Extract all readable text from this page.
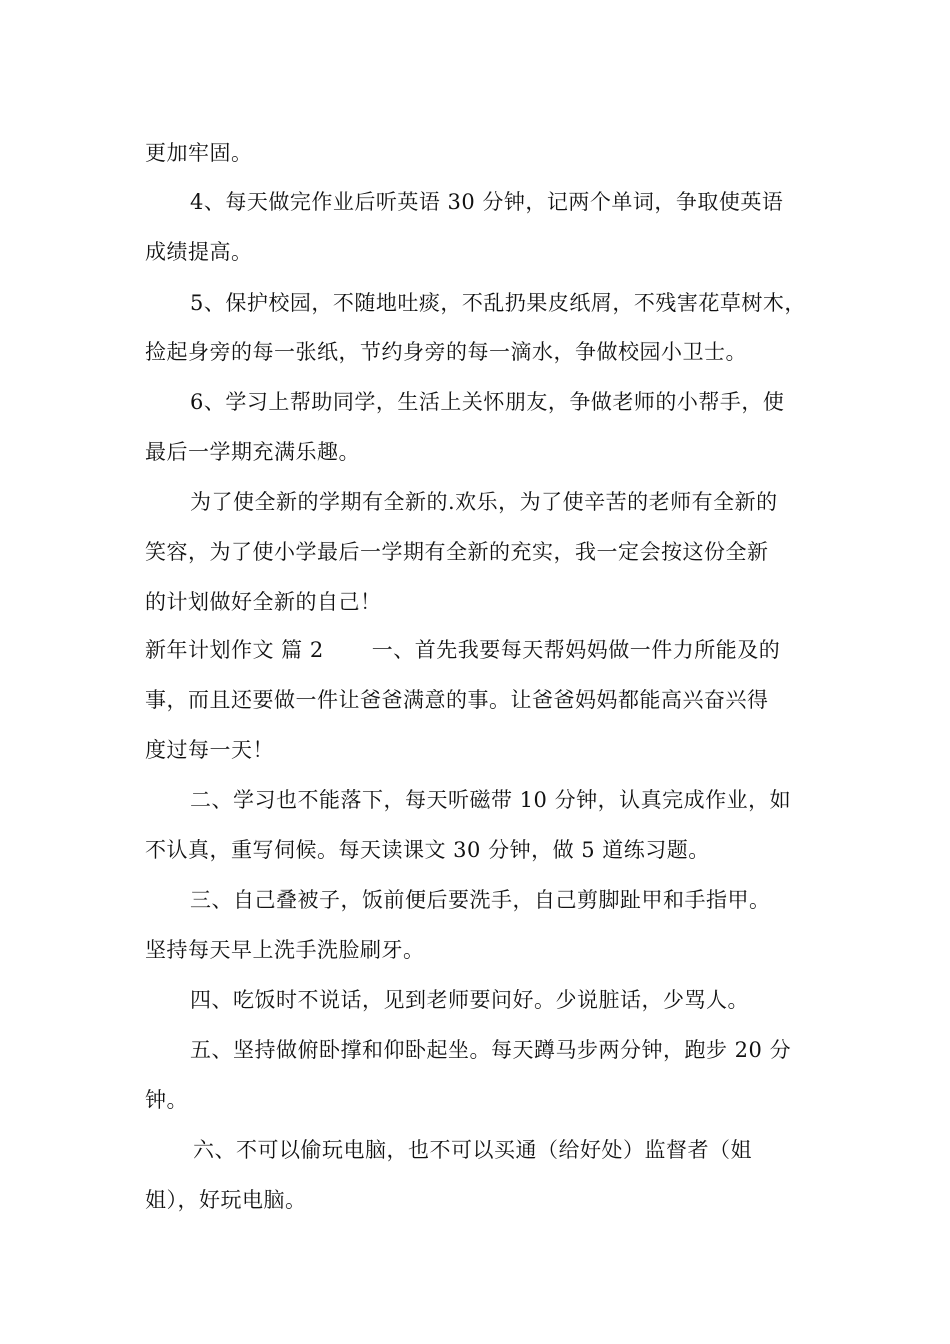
更加牢固。
4、每天做完作业后听英语 30 分钟，记两个单词，争取使英语
成绩提高。
5、保护校园，不随地吐痰，不乱扔果皮纸屑，不残害花草树木，
捡起身旁的每一张纸，节约身旁的每一滴水，争做校园小卫士。
6、学习上帮助同学，生活上关怀朋友，争做老师的小帮手，使
最后一学期充满乐趣。
为了使全新的学期有全新的.欢乐，为了使辛苦的老师有全新的
笑容，为了使小学最后一学期有全新的充实，我一定会按这份全新
的计划做好全新的自己！
新年计划作文 篇 2 一、首先我要每天帮妈妈做一件力所能及的
事，而且还要做一件让爸爸满意的事。让爸爸妈妈都能高兴奋兴得
度过每一天！
二、学习也不能落下，每天听磁带 10 分钟，认真完成作业，如
不认真，重写伺候。每天读课文 30 分钟，做 5 道练习题。
三、自己叠被子，饭前便后要洗手，自己剪脚趾甲和手指甲。
坚持每天早上洗手洗脸刷牙。
四、吃饭时不说话，见到老师要问好。少说脏话，少骂人。
五、坚持做俯卧撑和仰卧起坐。每天蹲马步两分钟，跑步 20 分
钟。
六、不可以偷玩电脑，也不可以买通（给好处）监督者（姐
姐），好玩电脑。
